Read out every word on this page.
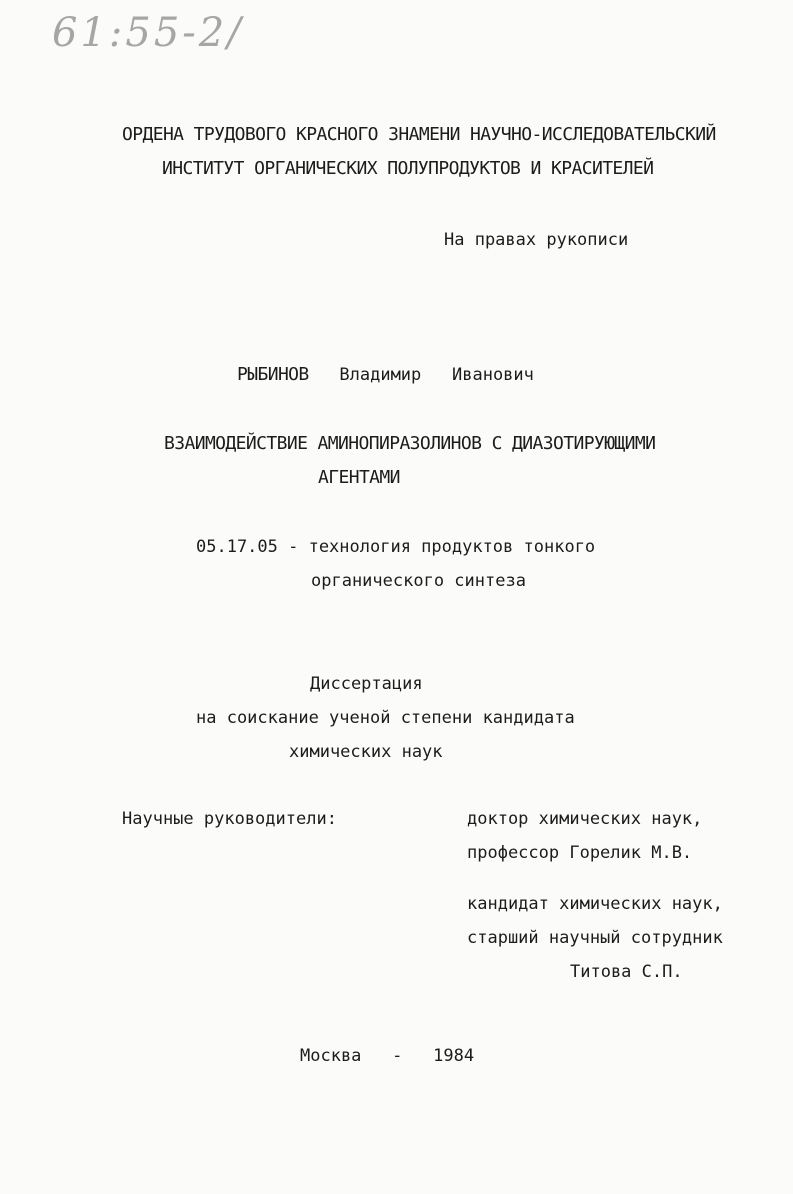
61:55-2/
ОРДЕНА ТРУДОВОГО КРАСНОГО ЗНАМЕНИ НАУЧНО-ИССЛЕДОВАТЕЛЬСКИЙ
ИНСТИТУТ ОРГАНИЧЕСКИХ ПОЛУПРОДУКТОВ И КРАСИТЕЛЕЙ
На правах рукописи
РЫБИНОВ Владимир Иванович
ВЗАИМОДЕЙСТВИЕ АМИНОПИРАЗОЛИНОВ С ДИАЗОТИРУЮЩИМИ
АГЕНТАМИ
05.17.05 - технология продуктов тонкого
органического синтеза
Диссертация
на соискание ученой степени кандидата
химических наук
Научные руководители:	доктор химических наук,
профессор Горелик М.В.
кандидат химических наук,
старший научный сотрудник
Титова С.П.
Москва - 1984
